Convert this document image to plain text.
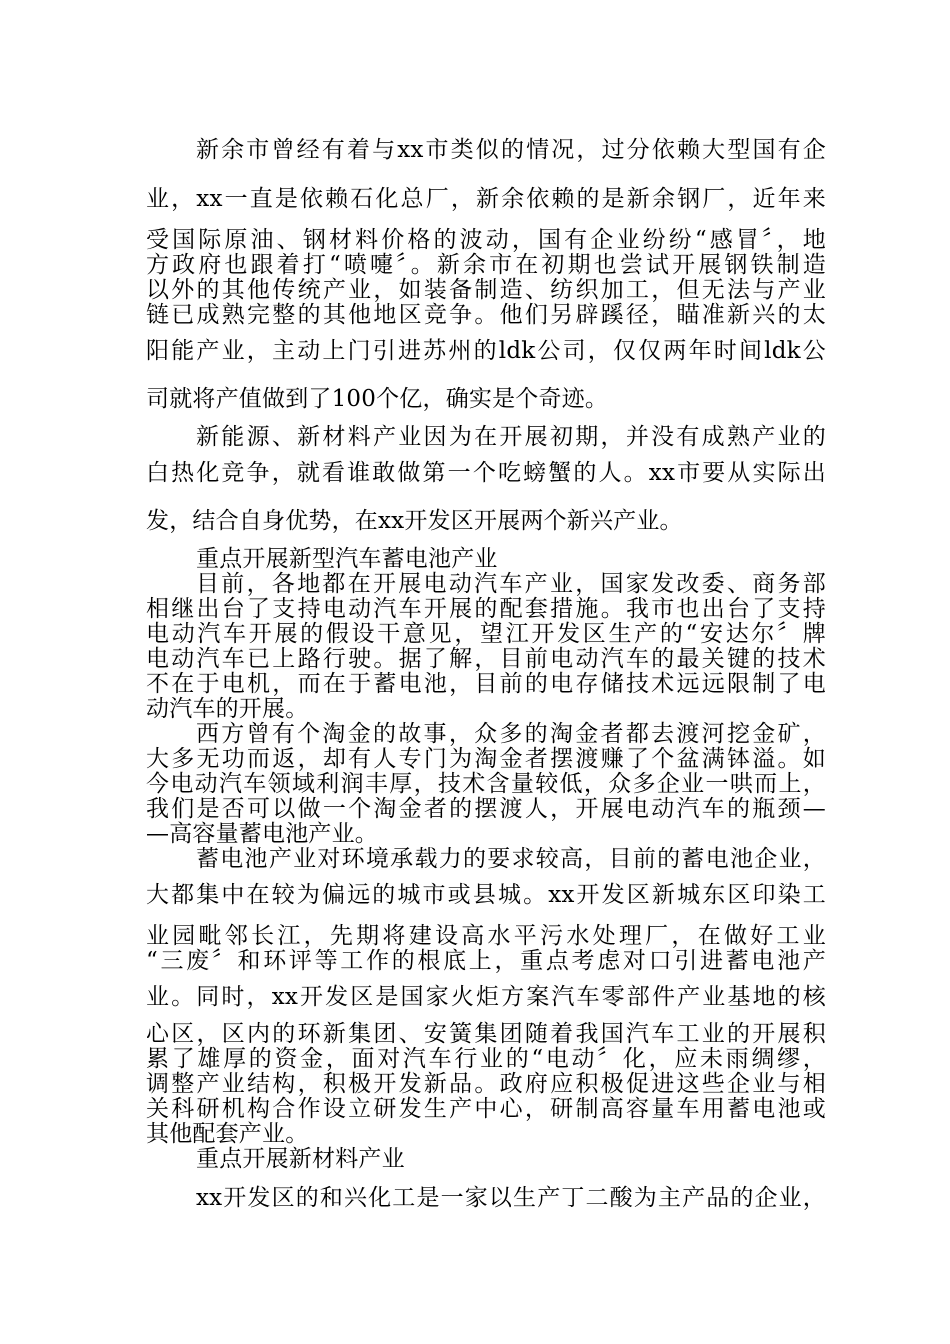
新余市曾经有着与xx市类似的情况，过分依赖大型国有企
业，xx一直是依赖石化总厂，新余依赖的是新余钢厂，近年来
受国际原油、钢材料价格的波动，国有企业纷纷“感冒〞，地
方政府也跟着打“喷嚏〞。新余市在初期也尝试开展钢铁制造
以外的其他传统产业，如装备制造、纺织加工，但无法与产业
链已成熟完整的其他地区竞争。他们另辟蹊径，瞄准新兴的太
阳能产业，主动上门引进苏州的ldk公司，仅仅两年时间ldk公
司就将产值做到了100个亿，确实是个奇迹。
新能源、新材料产业因为在开展初期，并没有成熟产业的
白热化竞争，就看谁敢做第一个吃螃蟹的人。xx市要从实际出
发，结合自身优势，在xx开发区开展两个新兴产业。
重点开展新型汽车蓄电池产业
目前，各地都在开展电动汽车产业，国家发改委、商务部
相继出台了支持电动汽车开展的配套措施。我市也出台了支持
电动汽车开展的假设干意见，望江开发区生产的“安达尔〞牌
电动汽车已上路行驶。据了解，目前电动汽车的最关键的技术
不在于电机，而在于蓄电池，目前的电存储技术远远限制了电
动汽车的开展。
西方曾有个淘金的故事，众多的淘金者都去渡河挖金矿，
大多无功而返，却有人专门为淘金者摆渡赚了个盆满钵溢。如
今电动汽车领域利润丰厚，技术含量较低，众多企业一哄而上，
我们是否可以做一个淘金者的摆渡人，开展电动汽车的瓶颈—
—高容量蓄电池产业。
蓄电池产业对环境承载力的要求较高，目前的蓄电池企业，
大都集中在较为偏远的城市或县城。xx开发区新城东区印染工
业园毗邻长江，先期将建设高水平污水处理厂，在做好工业
“三废〞和环评等工作的根底上，重点考虑对口引进蓄电池产
业。同时，xx开发区是国家火炬方案汽车零部件产业基地的核
心区，区内的环新集团、安簧集团随着我国汽车工业的开展积
累了雄厚的资金，面对汽车行业的“电动〞化，应未雨绸缪，
调整产业结构，积极开发新品。政府应积极促进这些企业与相
关科研机构合作设立研发生产中心，研制高容量车用蓄电池或
其他配套产业。
重点开展新材料产业
xx开发区的和兴化工是一家以生产丁二酸为主产品的企业，
